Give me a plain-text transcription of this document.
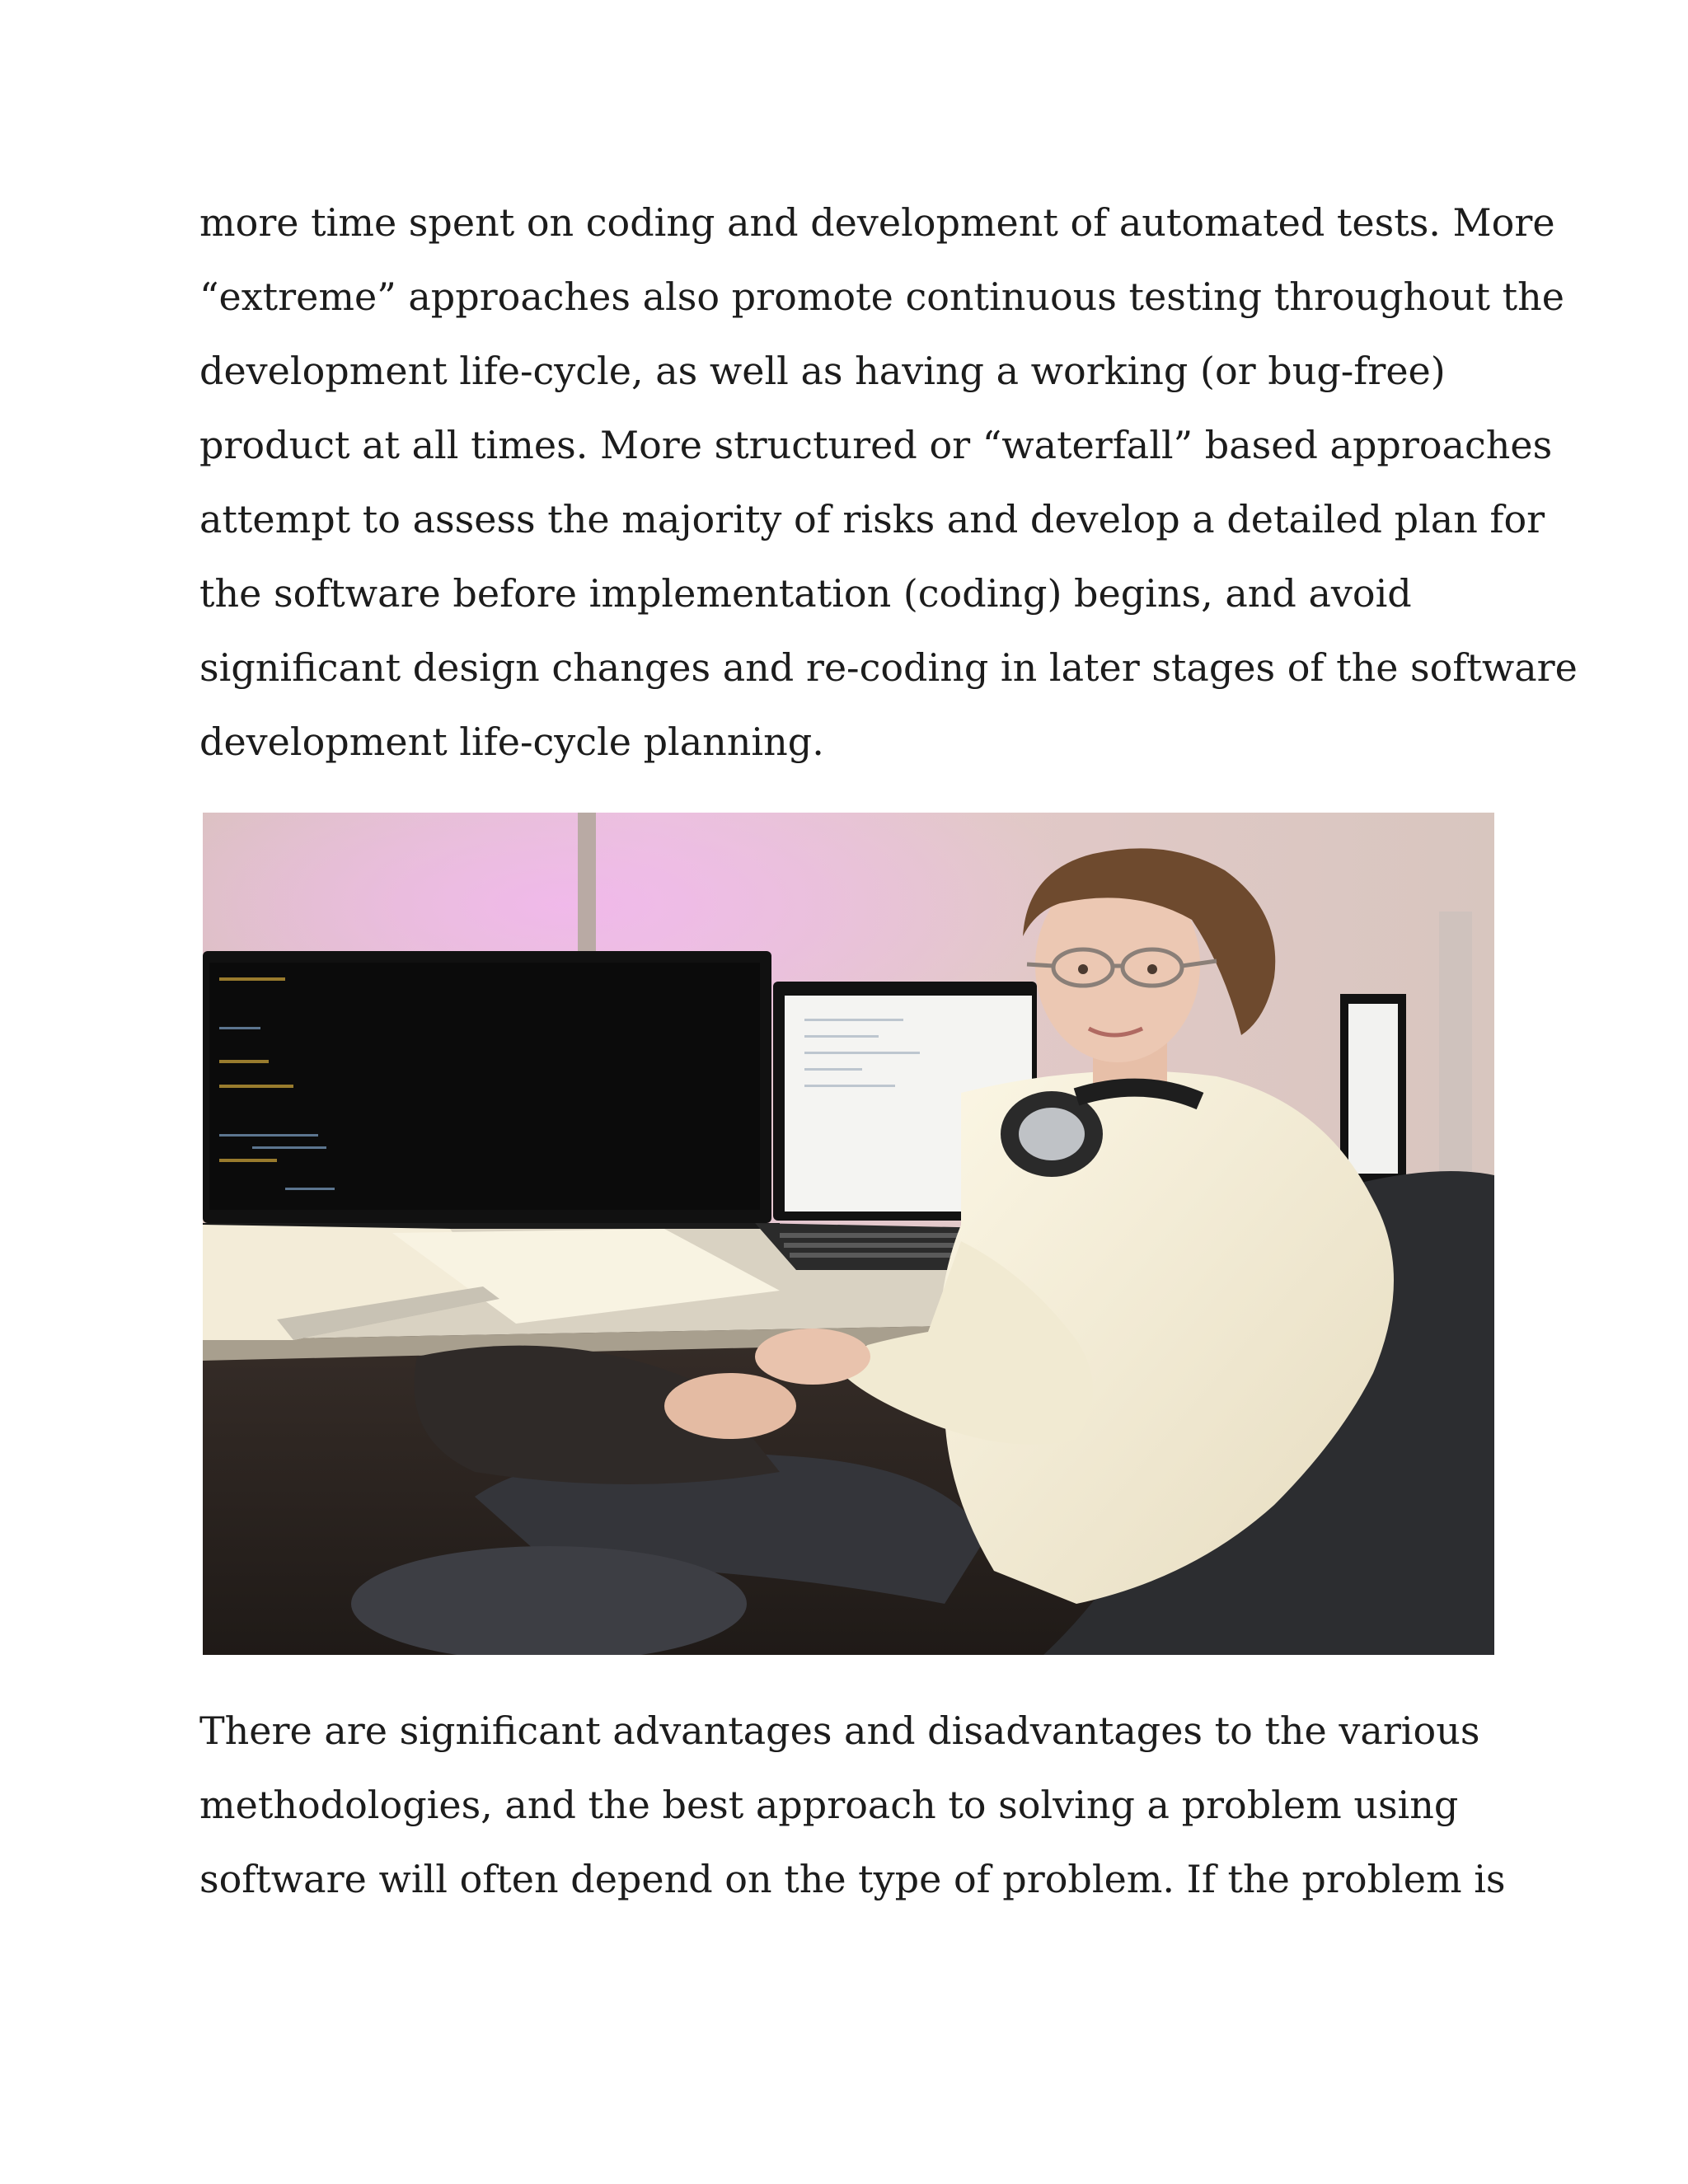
more time spent on coding and development of automated tests. More
“extreme” approaches also promote continuous testing throughout the
development life-cycle, as well as having a working (or bug-free)
product at all times. More structured or “waterfall” based approaches
attempt to assess the majority of risks and develop a detailed plan for
the software before implementation (coding) begins, and avoid
significant design changes and re-coding in later stages of the software
development life-cycle planning.
There are significant advantages and disadvantages to the various
methodologies, and the best approach to solving a problem using
software will often depend on the type of problem. If the problem is
